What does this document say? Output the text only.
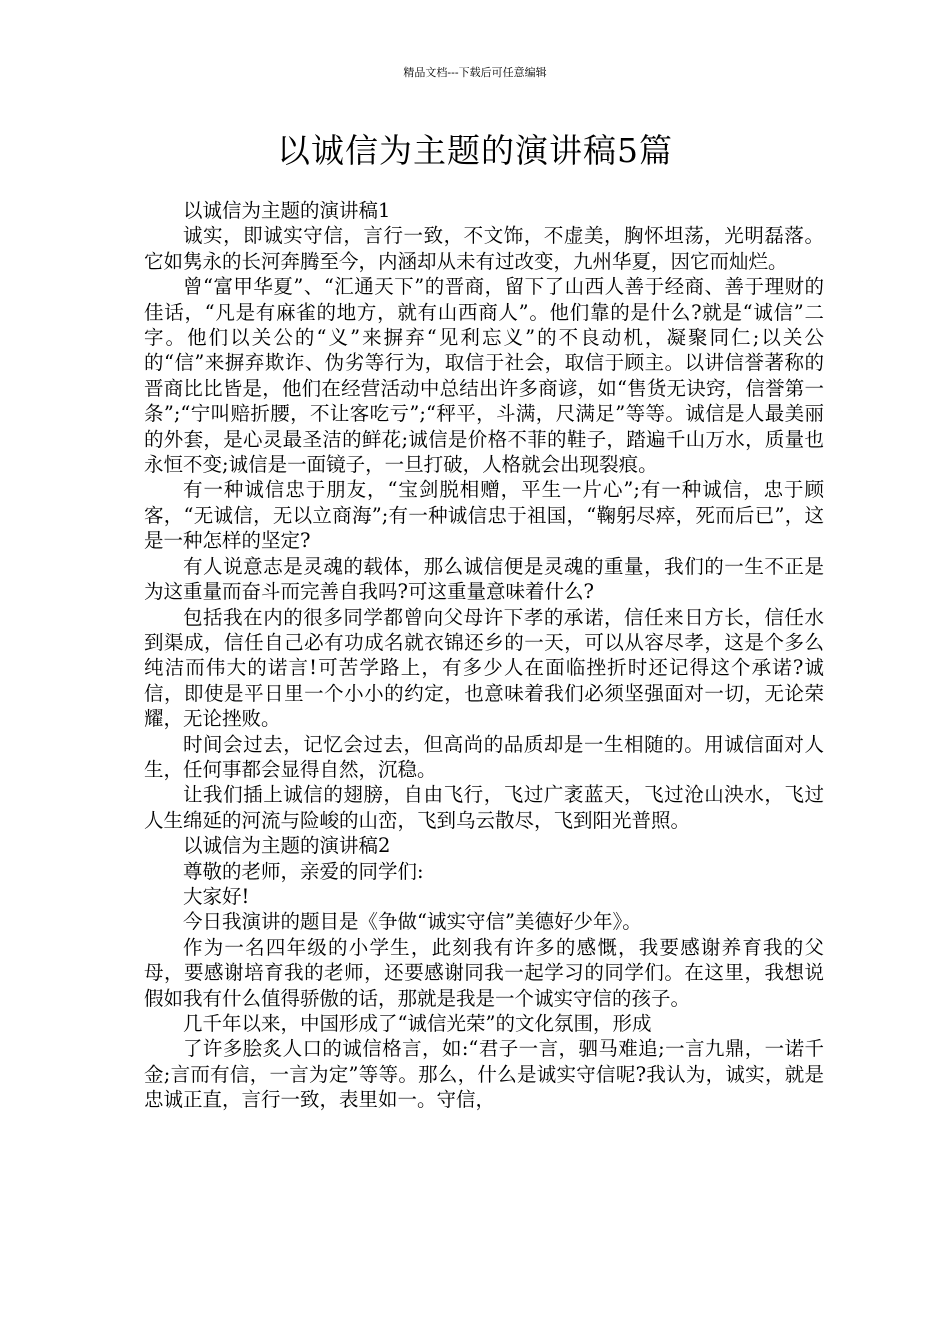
精品文档---下载后可任意编辑
以诚信为主题的演讲稿5篇

以诚信为主题的演讲稿1

诚实，即诚实守信，言行一致，不文饰，不虚美，胸怀坦荡，光明磊落。它如隽永的长河奔腾至今，内涵却从未有过改变，九州华夏，因它而灿烂。

曾“富甲华夏”、“汇通天下”的晋商，留下了山西人善于经商、善于理财的佳话，“凡是有麻雀的地方，就有山西商人”。他们靠的是什么?就是“诚信”二字。他们以关公的“义”来摒弃“见利忘义”的不良动机，凝聚同仁;以关公的“信”来摒弃欺诈、伪劣等行为，取信于社会，取信于顾主。以讲信誉著称的晋商比比皆是，他们在经营活动中总结出许多商谚，如“售货无诀窍，信誉第一条”;“宁叫赔折腰，不让客吃亏”;“秤平，斗满，尺满足”等等。诚信是人最美丽的外套，是心灵最圣洁的鲜花;诚信是价格不菲的鞋子，踏遍千山万水，质量也永恒不变;诚信是一面镜子，一旦打破，人格就会出现裂痕。

有一种诚信忠于朋友，“宝剑脱相赠，平生一片心”;有一种诚信，忠于顾客，“无诚信，无以立商海”;有一种诚信忠于祖国，“鞠躬尽瘁，死而后已”，这是一种怎样的坚定?

有人说意志是灵魂的载体，那么诚信便是灵魂的重量，我们的一生不正是为这重量而奋斗而完善自我吗?可这重量意味着什么?

包括我在内的很多同学都曾向父母许下孝的承诺，信任来日方长，信任水到渠成，信任自己必有功成名就衣锦还乡的一天，可以从容尽孝，这是个多么纯洁而伟大的诺言!可苦学路上，有多少人在面临挫折时还记得这个承诺?诚信，即使是平日里一个小小的约定，也意味着我们必须坚强面对一切，无论荣耀，无论挫败。

时间会过去，记忆会过去，但高尚的品质却是一生相随的。用诚信面对人生，任何事都会显得自然，沉稳。

让我们插上诚信的翅膀，自由飞行，飞过广袤蓝天，飞过沧山泱水，飞过人生绵延的河流与险峻的山峦，飞到乌云散尽，飞到阳光普照。

以诚信为主题的演讲稿2

尊敬的老师，亲爱的同学们:

大家好!

今日我演讲的题目是《争做“诚实守信”美德好少年》。

作为一名四年级的小学生，此刻我有许多的感慨，我要感谢养育我的父母，要感谢培育我的老师，还要感谢同我一起学习的同学们。在这里，我想说假如我有什么值得骄傲的话，那就是我是一个诚实守信的孩子。

几千年以来，中国形成了“诚信光荣”的文化氛围，形成

了许多脍炙人口的诚信格言，如:“君子一言，驷马难追;一言九鼎，一诺千金;言而有信，一言为定”等等。那么，什么是诚实守信呢?我认为，诚实，就是忠诚正直，言行一致，表里如一。守信，
